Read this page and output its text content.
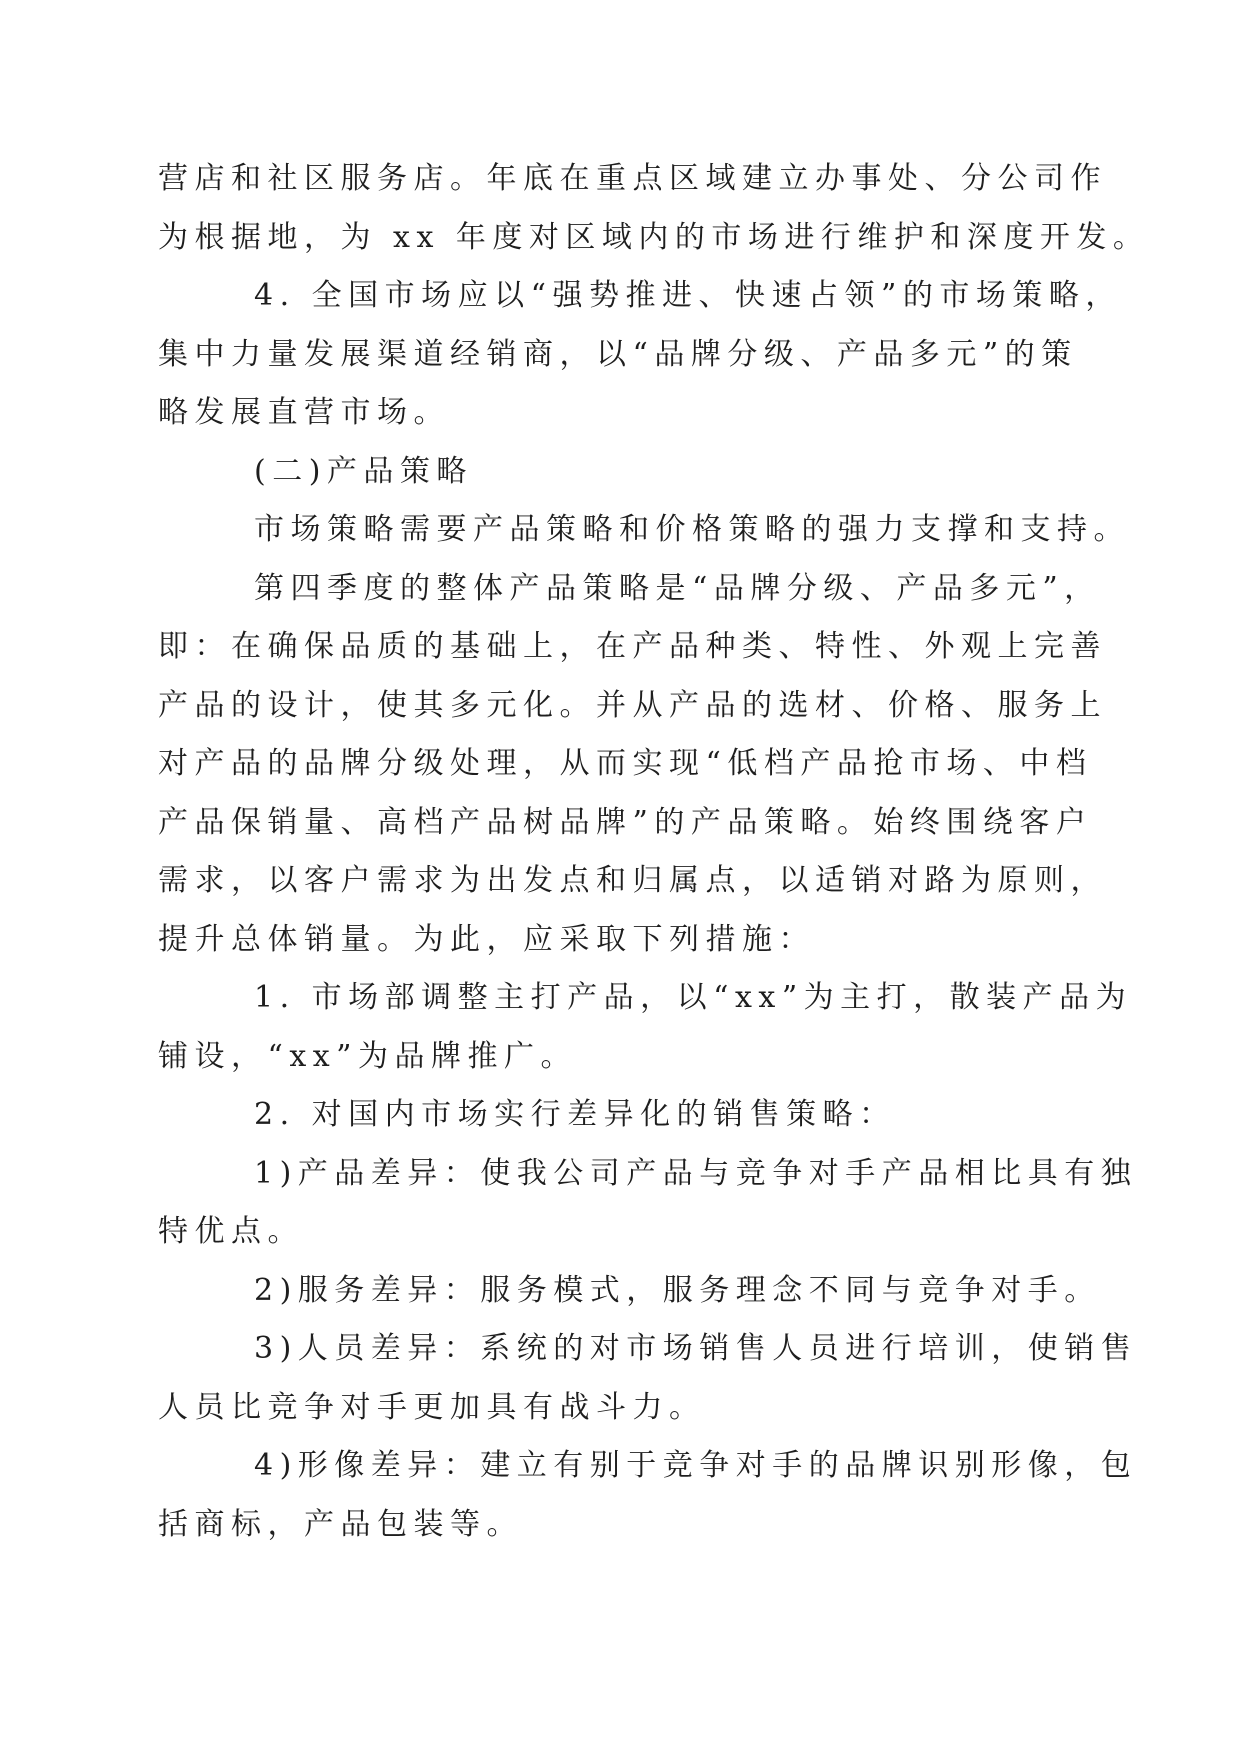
营店和社区服务店。年底在重点区域建立办事处、分公司作
为根据地，为 xx 年度对区域内的市场进行维护和深度开发。
4. 全国市场应以“强势推进、快速占领”的市场策略，
集中力量发展渠道经销商，以“品牌分级、产品多元”的策
略发展直营市场。
(二)产品策略
市场策略需要产品策略和价格策略的强力支撑和支持。
第四季度的整体产品策略是“品牌分级、产品多元”，
即：在确保品质的基础上，在产品种类、特性、外观上完善
产品的设计，使其多元化。并从产品的选材、价格、服务上
对产品的品牌分级处理，从而实现“低档产品抢市场、中档
产品保销量、高档产品树品牌”的产品策略。始终围绕客户
需求，以客户需求为出发点和归属点，以适销对路为原则，
提升总体销量。为此，应采取下列措施：
1. 市场部调整主打产品，以“xx”为主打，散装产品为
铺设，“xx”为品牌推广。
2. 对国内市场实行差异化的销售策略：
1)产品差异：使我公司产品与竞争对手产品相比具有独
特优点。
2)服务差异：服务模式，服务理念不同与竞争对手。
3)人员差异：系统的对市场销售人员进行培训，使销售
人员比竞争对手更加具有战斗力。
4)形像差异：建立有别于竞争对手的品牌识别形像，包
括商标，产品包装等。
